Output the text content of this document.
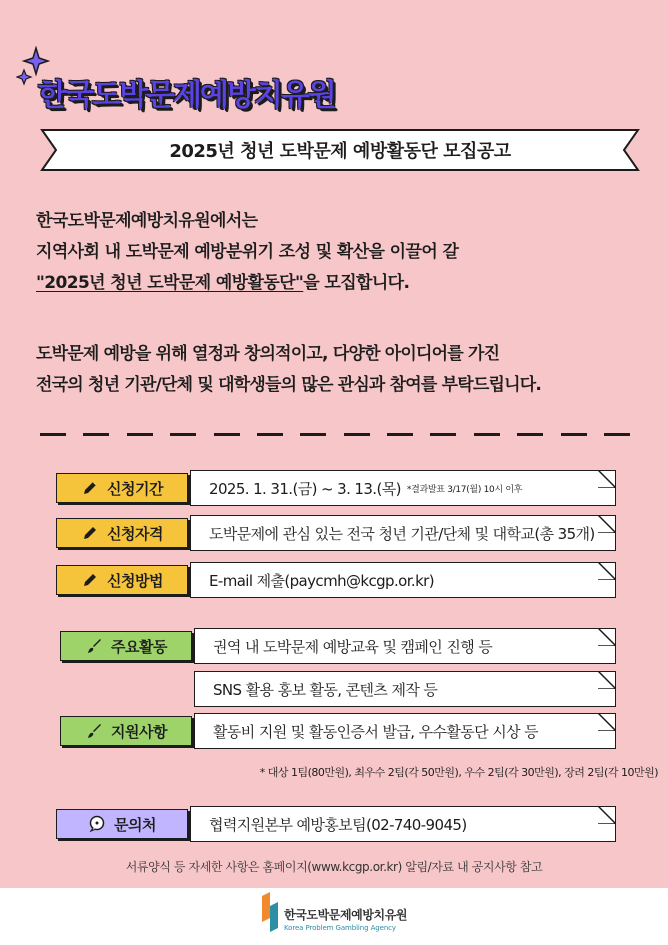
한국도박문제예방치유원
2025년 청년 도박문제 예방활동단 모집공고
한국도박문제예방치유원에서는
지역사회 내 도박문제 예방분위기 조성 및 확산을 이끌어 갈
"2025년 청년 도박문제 예방활동단"을 모집합니다.
도박문제 예방을 위해 열정과 창의적이고, 다양한 아이디어를 가진
전국의 청년 기관/단체 및 대학생들의 많은 관심과 참여를 부탁드립니다.
신청기간	2025. 1. 31.(금) ~ 3. 13.(목) *결과발표 3/17(월) 10시 이후
신청자격	도박문제에 관심 있는 전국 청년 기관/단체 및 대학교(총 35개)
신청방법	E-mail 제출(paycmh@kcgp.or.kr)
주요활동	권역 내 도박문제 예방교육 및 캠페인 진행 등
SNS 활용 홍보 활동, 콘텐츠 제작 등
지원사항	활동비 지원 및 활동인증서 발급, 우수활동단 시상 등
* 대상 1팀(80만원), 최우수 2팀(각 50만원), 우수 2팀(각 30만원), 장려 2팀(각 10만원)
문의처	협력지원본부 예방홍보팀(02-740-9045)
서류양식 등 자세한 사항은 홈페이지(www.kcgp.or.kr) 알림/자료 내 공지사항 참고
한국도박문제예방치유원
Korea Problem Gambling Agency
